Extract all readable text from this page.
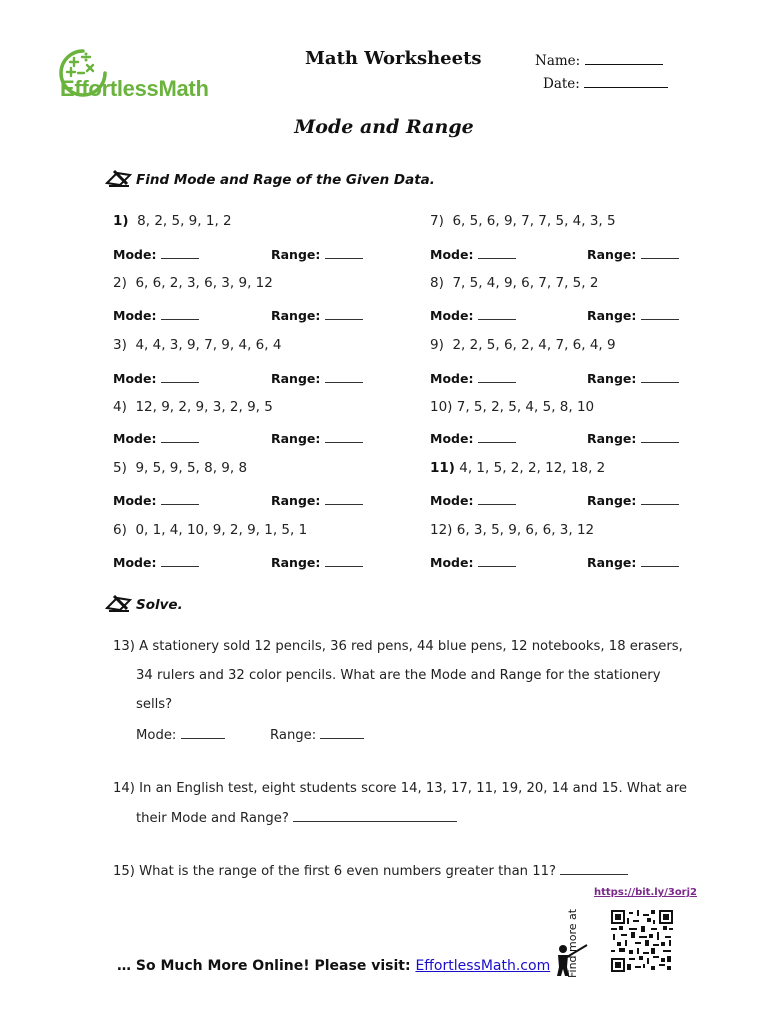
EffortlessMath
Math Worksheets	Name:
Date:
Mode and Range
Find Mode and Rage of the Given Data.
1) 8, 2, 5, 9, 1, 2
Mode:	Range:
2) 6, 6, 2, 3, 6, 3, 9, 12
Mode:	Range:
3) 4, 4, 3, 9, 7, 9, 4, 6, 4
Mode:	Range:
4) 12, 9, 2, 9, 3, 2, 9, 5
Mode:	Range:
5) 9, 5, 9, 5, 8, 9, 8
Mode:	Range:
6) 0, 1, 4, 10, 9, 2, 9, 1, 5, 1
Mode:	Range:
7) 6, 5, 6, 9, 7, 7, 5, 4, 3, 5
Mode:	Range:
8) 7, 5, 4, 9, 6, 7, 7, 5, 2
Mode:	Range:
9) 2, 2, 5, 6, 2, 4, 7, 6, 4, 9
Mode:	Range:
10) 7, 5, 2, 5, 4, 5, 8, 10
Mode:	Range:
11) 4, 1, 5, 2, 2, 12, 18, 2
Mode:	Range:
12) 6, 3, 5, 9, 6, 6, 3, 12
Mode:	Range:
Solve.
13) A stationery sold 12 pencils, 36 red pens, 44 blue pens, 12 notebooks, 18 erasers,
34 rulers and 32 color pencils. What are the Mode and Range for the stationery
sells?
Mode:	Range:
14) In an English test, eight students score 14, 13, 17, 11, 19, 20, 14 and 15. What are
their Mode and Range?
15) What is the range of the first 6 even numbers greater than 11?
https://bit.ly/3orj2
… So Much More Online! Please visit: EffortlessMath.com Find more at
